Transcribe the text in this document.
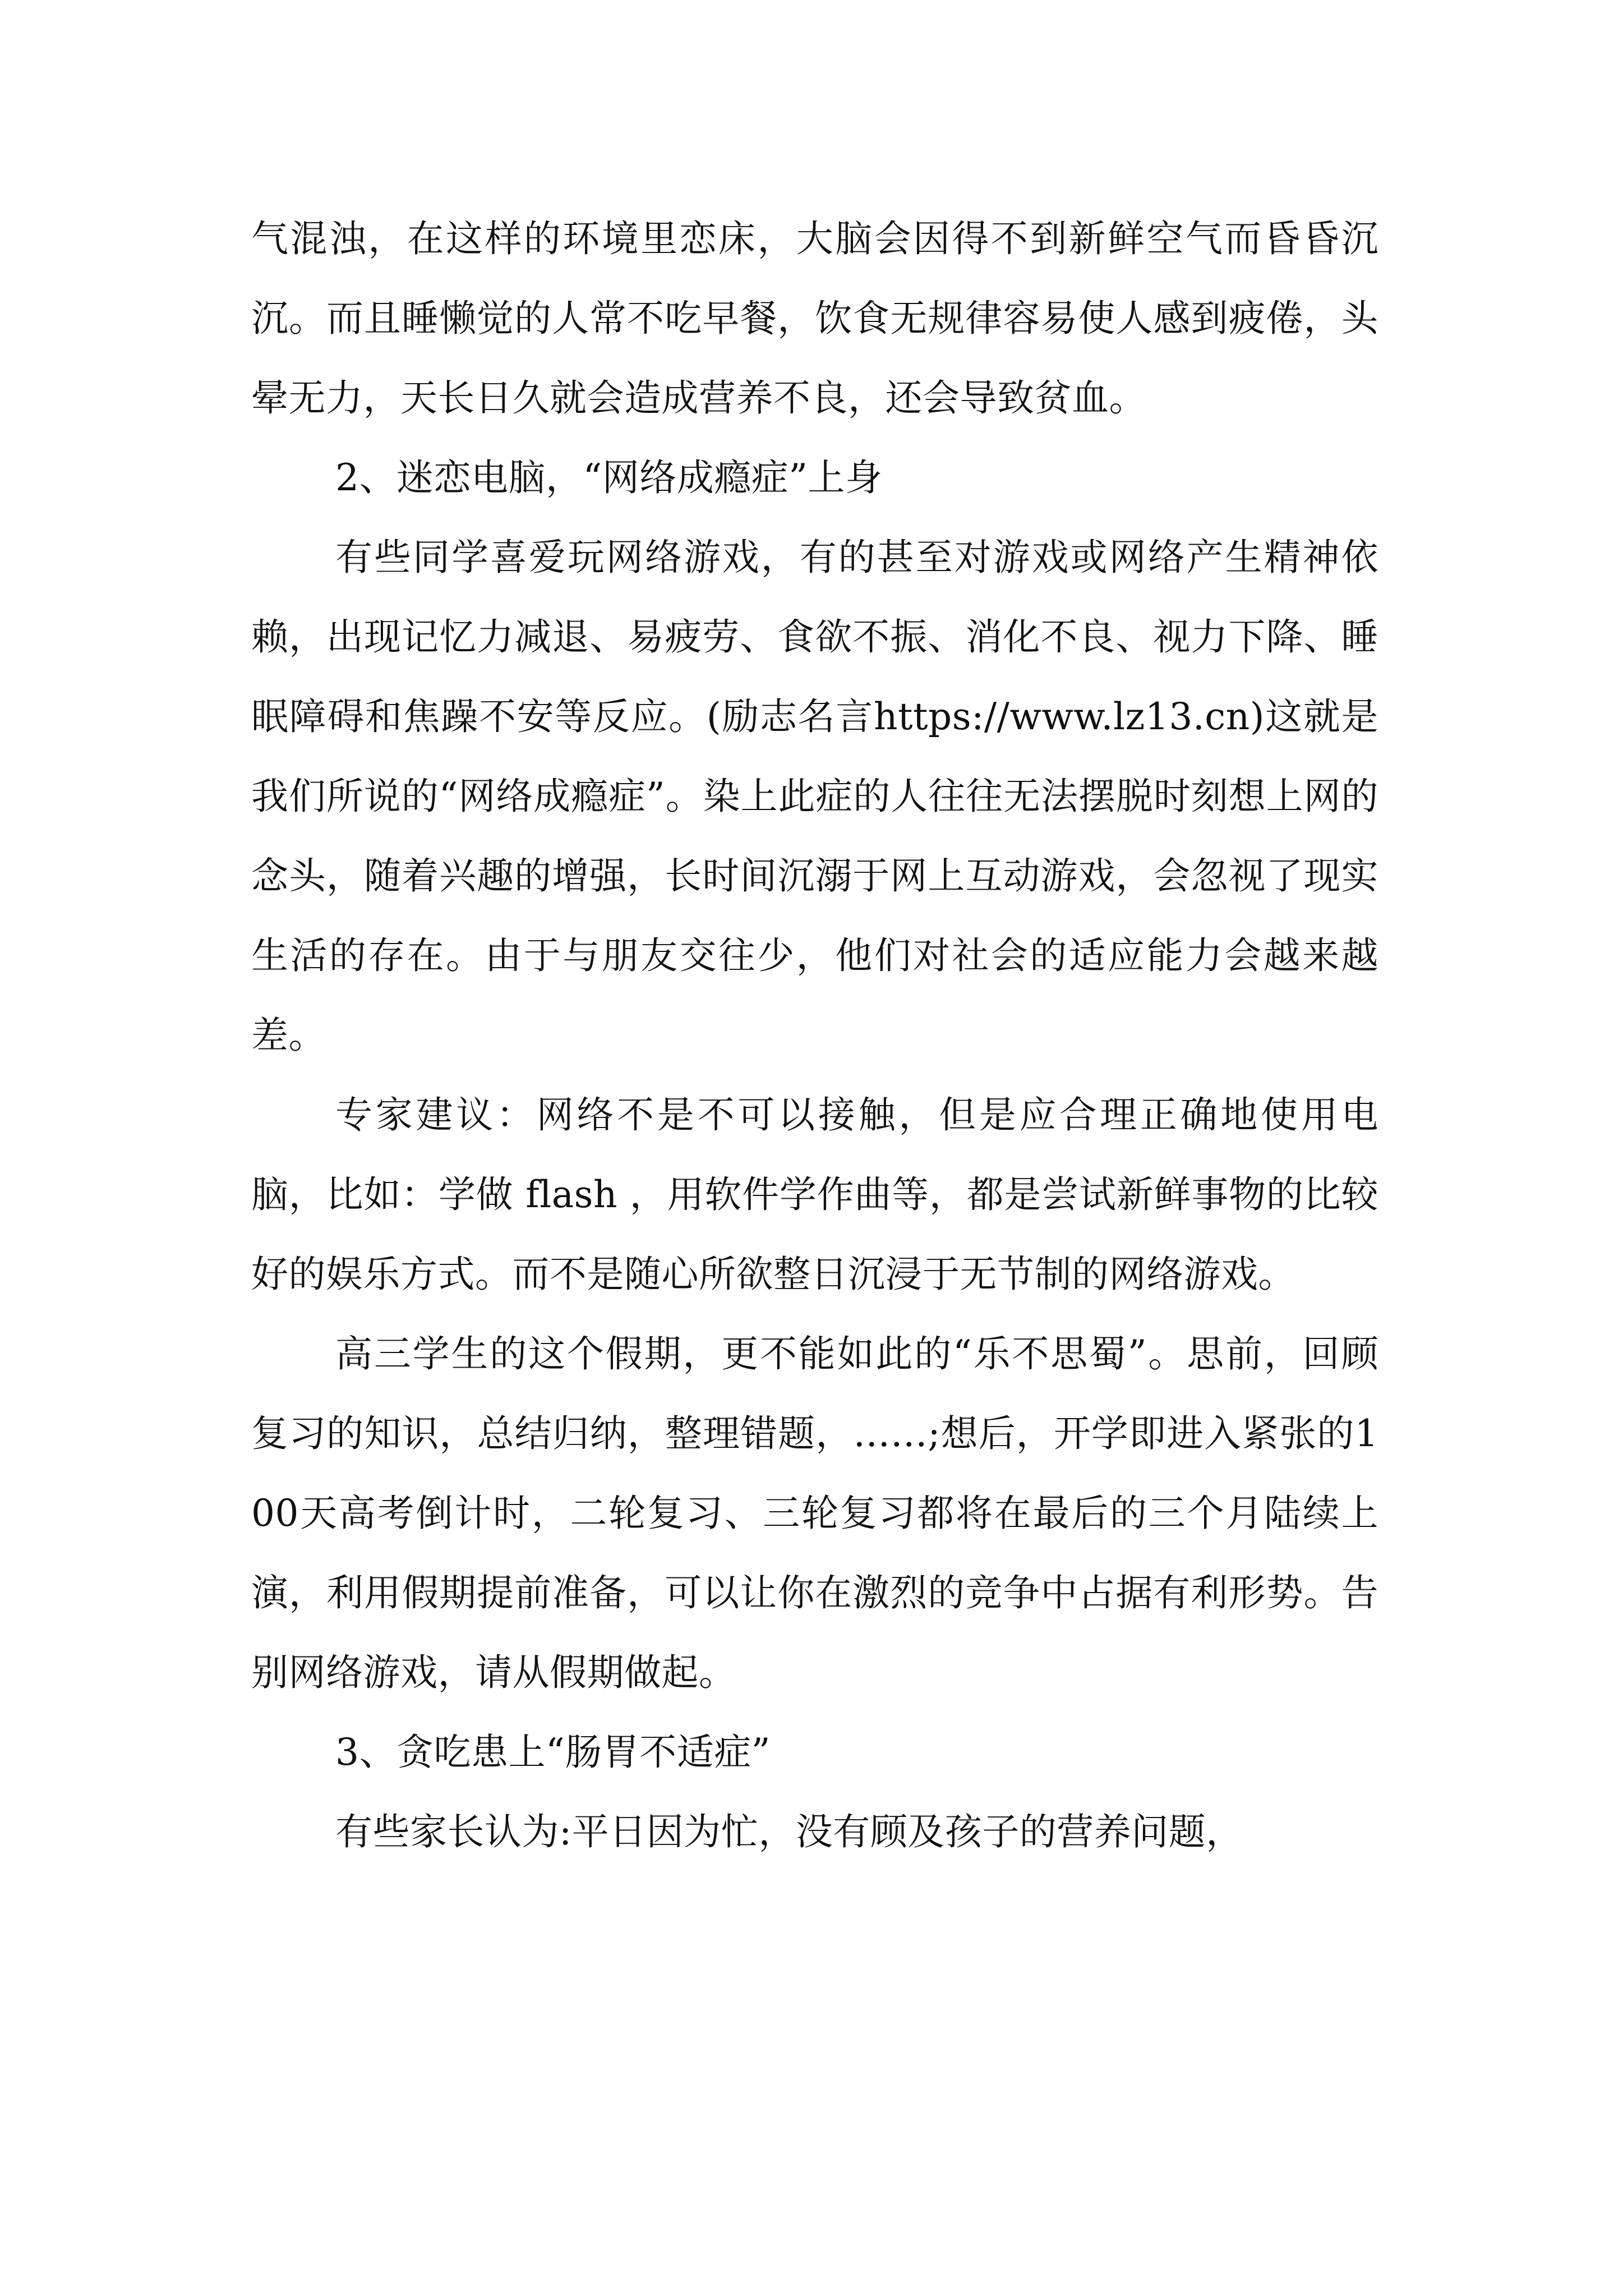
气混浊，在这样的环境里恋床，大脑会因得不到新鲜空气而昏昏沉沉。而且睡懒觉的人常不吃早餐，饮食无规律容易使人感到疲倦，头晕无力，天长日久就会造成营养不良，还会导致贫血。

2、迷恋电脑，“网络成瘾症”上身

有些同学喜爱玩网络游戏，有的甚至对游戏或网络产生精神依赖，出现记忆力减退、易疲劳、食欲不振、消化不良、视力下降、睡眠障碍和焦躁不安等反应。(励志名言https://www.lz13.cn)这就是我们所说的“网络成瘾症”。染上此症的人往往无法摆脱时刻想上网的念头，随着兴趣的增强，长时间沉溺于网上互动游戏，会忽视了现实生活的存在。由于与朋友交往少，他们对社会的适应能力会越来越差。

专家建议：网络不是不可以接触，但是应合理正确地使用电脑，比如：学做 flash ，用软件学作曲等，都是尝试新鲜事物的比较好的娱乐方式。而不是随心所欲整日沉浸于无节制的网络游戏。

高三学生的这个假期，更不能如此的“乐不思蜀”。思前，回顾复习的知识，总结归纳，整理错题，……;想后，开学即进入紧张的100天高考倒计时，二轮复习、三轮复习都将在最后的三个月陆续上演，利用假期提前准备，可以让你在激烈的竞争中占据有利形势。告别网络游戏，请从假期做起。

3、贪吃患上“肠胃不适症”

有些家长认为:平日因为忙，没有顾及孩子的营养问题，
